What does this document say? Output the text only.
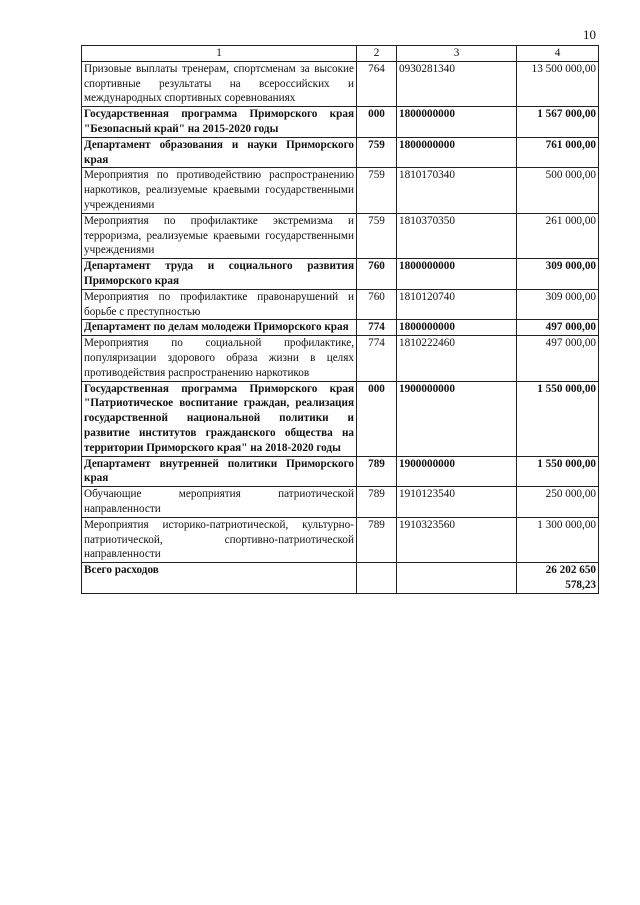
10
1	2	3	4
Призовые выплаты тренерам, спортсменам за высокие спортивные результаты на всероссийских и международных спортивных соревнованиях	764	0930281340	13 500 000,00
Государственная программа Приморского края "Безопасный край" на 2015-2020 годы	000	1800000000	1 567 000,00
Департамент образования и науки Приморского края	759	1800000000	761 000,00
Мероприятия по противодействию распространению наркотиков, реализуемые краевыми государственными учреждениями	759	1810170340	500 000,00
Мероприятия по профилактике экстремизма и терроризма, реализуемые краевыми государственными учреждениями	759	1810370350	261 000,00
Департамент труда и социального развития Приморского края	760	1800000000	309 000,00
Мероприятия по профилактике правонарушений и борьбе с преступностью	760	1810120740	309 000,00
Департамент по делам молодежи Приморского края	774	1800000000	497 000,00
Мероприятия по социальной профилактике, популяризации здорового образа жизни в целях противодействия распространению наркотиков	774	1810222460	497 000,00
Государственная программа Приморского края "Патриотическое воспитание граждан, реализация государственной национальной политики и развитие институтов гражданского общества на территории Приморского края" на 2018-2020 годы	000	1900000000	1 550 000,00
Департамент внутренней политики Приморского края	789	1900000000	1 550 000,00
Обучающие мероприятия патриотической направленности	789	1910123540	250 000,00
Мероприятия историко-патриотической, культурно-патриотической, спортивно-патриотической направленности	789	1910323560	1 300 000,00
Всего расходов			26 202 650 578,23
